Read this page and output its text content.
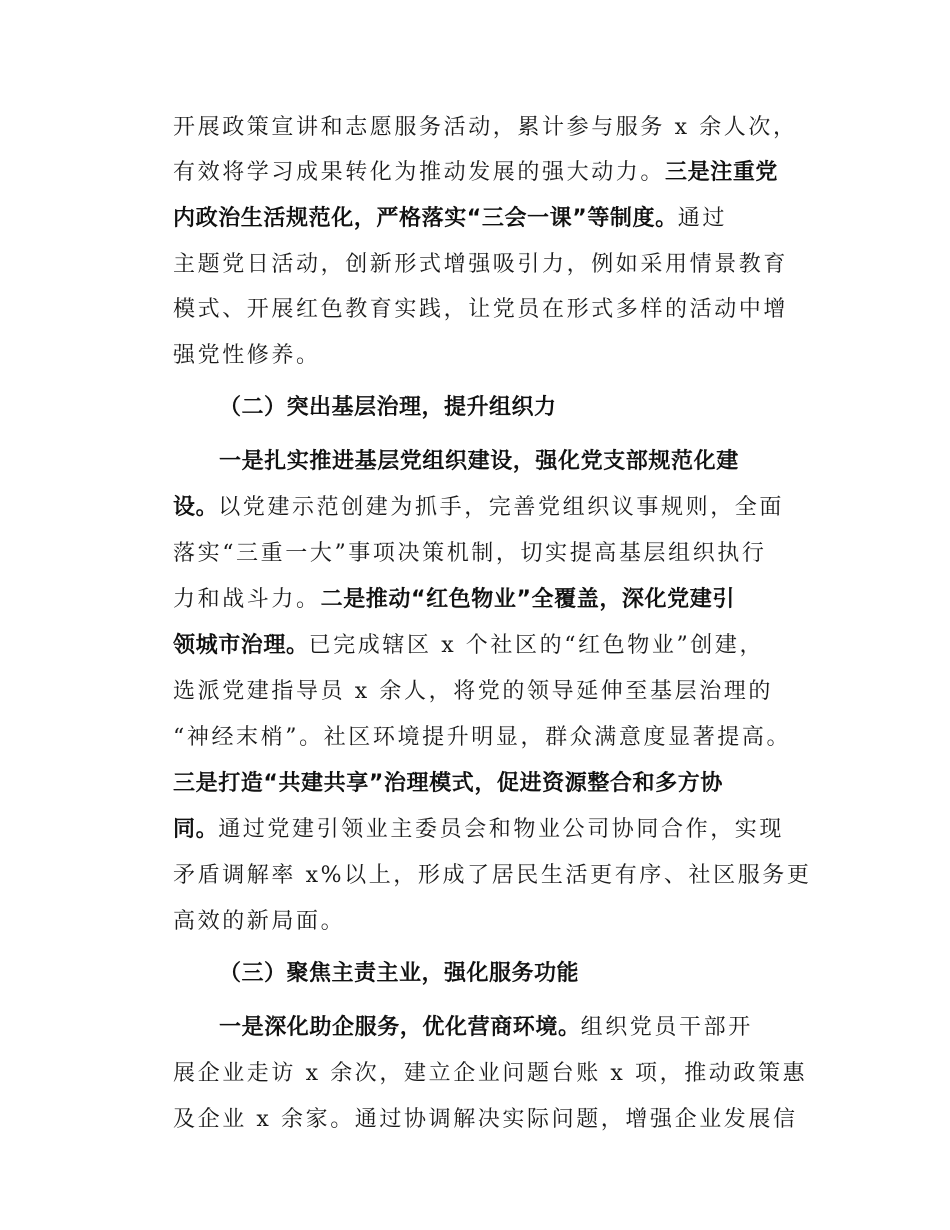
开展政策宣讲和志愿服务活动，累计参与服务 x 余人次，
有效将学习成果转化为推动发展的强大动力。三是注重党
内政治生活规范化，严格落实“三会一课”等制度。通过
主题党日活动，创新形式增强吸引力，例如采用情景教育
模式、开展红色教育实践，让党员在形式多样的活动中增
强党性修养。
（二）突出基层治理，提升组织力
一是扎实推进基层党组织建设，强化党支部规范化建
设。以党建示范创建为抓手，完善党组织议事规则，全面
落实“三重一大”事项决策机制，切实提高基层组织执行
力和战斗力。二是推动“红色物业”全覆盖，深化党建引
领城市治理。已完成辖区 x 个社区的“红色物业”创建，
选派党建指导员 x 余人，将党的领导延伸至基层治理的
“神经末梢”。社区环境提升明显，群众满意度显著提高。
三是打造“共建共享”治理模式，促进资源整合和多方协
同。通过党建引领业主委员会和物业公司协同合作，实现
矛盾调解率 x%以上，形成了居民生活更有序、社区服务更
高效的新局面。
（三）聚焦主责主业，强化服务功能
一是深化助企服务，优化营商环境。组织党员干部开
展企业走访 x 余次，建立企业问题台账 x 项，推动政策惠
及企业 x 余家。通过协调解决实际问题，增强企业发展信
